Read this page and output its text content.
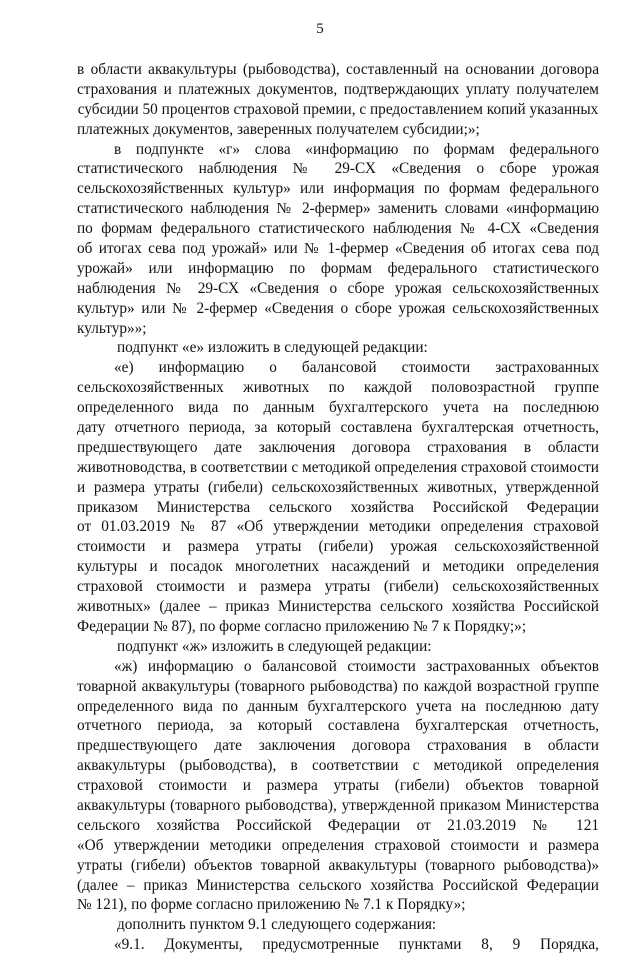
5
в области аквакультуры (рыбоводства), составленный на основании договора
страхования и платежных документов, подтверждающих уплату получателем
субсидии 50 процентов страховой премии, с предоставлением копий указанных
платежных документов, заверенных получателем субсидии;»;
в подпункте «г» слова «информацию по формам федерального
статистического наблюдения № 29-СХ «Сведения о сборе урожая
сельскохозяйственных культур» или информация по формам федерального
статистического наблюдения № 2-фермер» заменить словами «информацию
по формам федерального статистического наблюдения № 4-СХ «Сведения
об итогах сева под урожай» или № 1-фермер «Сведения об итогах сева под
урожай» или информацию по формам федерального статистического
наблюдения № 29-СХ «Сведения о сборе урожая сельскохозяйственных
культур» или № 2-фермер «Сведения о сборе урожая сельскохозяйственных
культур»»;
подпункт «е» изложить в следующей редакции:
«е) информацию о балансовой стоимости застрахованных
сельскохозяйственных животных по каждой половозрастной группе
определенного вида по данным бухгалтерского учета на последнюю
дату отчетного периода, за который составлена бухгалтерская отчетность,
предшествующего дате заключения договора страхования в области
животноводства, в соответствии с методикой определения страховой стоимости
и размера утраты (гибели) сельскохозяйственных животных, утвержденной
приказом Министерства сельского хозяйства Российской Федерации
от 01.03.2019 № 87 «Об утверждении методики определения страховой
стоимости и размера утраты (гибели) урожая сельскохозяйственной
культуры и посадок многолетних насаждений и методики определения
страховой стоимости и размера утраты (гибели) сельскохозяйственных
животных» (далее – приказ Министерства сельского хозяйства Российской
Федерации № 87), по форме согласно приложению № 7 к Порядку;»;
подпункт «ж» изложить в следующей редакции:
«ж) информацию о балансовой стоимости застрахованных объектов
товарной аквакультуры (товарного рыбоводства) по каждой возрастной группе
определенного вида по данным бухгалтерского учета на последнюю дату
отчетного периода, за который составлена бухгалтерская отчетность,
предшествующего дате заключения договора страхования в области
аквакультуры (рыбоводства), в соответствии с методикой определения
страховой стоимости и размера утраты (гибели) объектов товарной
аквакультуры (товарного рыбоводства), утвержденной приказом Министерства
сельского хозяйства Российской Федерации от 21.03.2019 № 121
«Об утверждении методики определения страховой стоимости и размера
утраты (гибели) объектов товарной аквакультуры (товарного рыбоводства)»
(далее – приказ Министерства сельского хозяйства Российской Федерации
№ 121), по форме согласно приложению № 7.1 к Порядку»;
дополнить пунктом 9.1 следующего содержания:
«9.1. Документы, предусмотренные пунктами 8, 9 Порядка,
